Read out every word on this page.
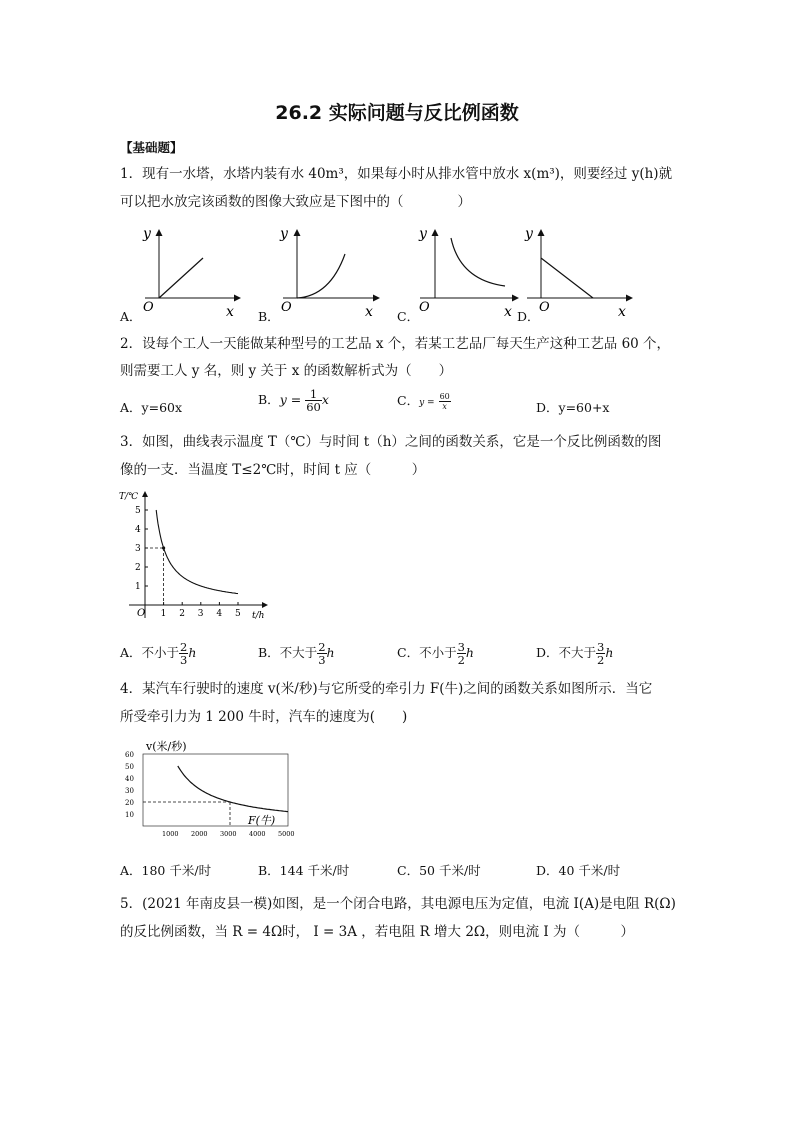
26.2 实际问题与反比例函数
【基础题】
1．现有一水塔，水塔内装有水 40m³，如果每小时从排水管中放水 x(m³)，则要经过 y(h)就
可以把水放完该函数的图像大致应是下图中的（　　　　）
y
x
O
y
x
O
y
x
O
y
x
O
A．	B．	C．	D．
2．设每个工人一天能做某种型号的工艺品 x 个，若某工艺品厂每天生产这种工艺品 60 个，
则需要工人 y 名，则 y 关于 x 的函数解析式为（　　）
A．y=60x
B．$y = \frac{1}{60}$ x	C．$y = \frac{60}{x}$	D．y=60+x
3．如图，曲线表示温度 T（℃）与时间 t（h）之间的函数关系，它是一个反比例函数的图
像的一支．当温度 T≤2℃时，时间 t 应（　　　）
T/℃
t/h
O
1
2
3
4
5
1 2 3 4 5
A．不小于 $\frac{2}{3}$ h	B．不大于 $\frac{2}{3}$ h	C．不小于 $\frac{3}{2}$ h	D．不大于 $\frac{3}{2}$ h
4．某汽车行驶时的速度 v(米/秒)与它所受的牵引力 F(牛)之间的函数关系如图所示．当它
所受牵引力为 1 200 牛时，汽车的速度为(　　)
v(米/秒)
F(牛)
10
20
30
40
50
60
1000 2000 3000 4000 5000
A．180 千米/时	B．144 千米/时	C．50 千米/时	D．40 千米/时
5．(2021 年南皮县一模)如图，是一个闭合电路，其电源电压为定值，电流 I(A)是电阻 R(Ω)
的反比例函数，当 R = 4Ω时， I = 3A ，若电阻 R 增大 2Ω，则电流 I 为（　　　）
